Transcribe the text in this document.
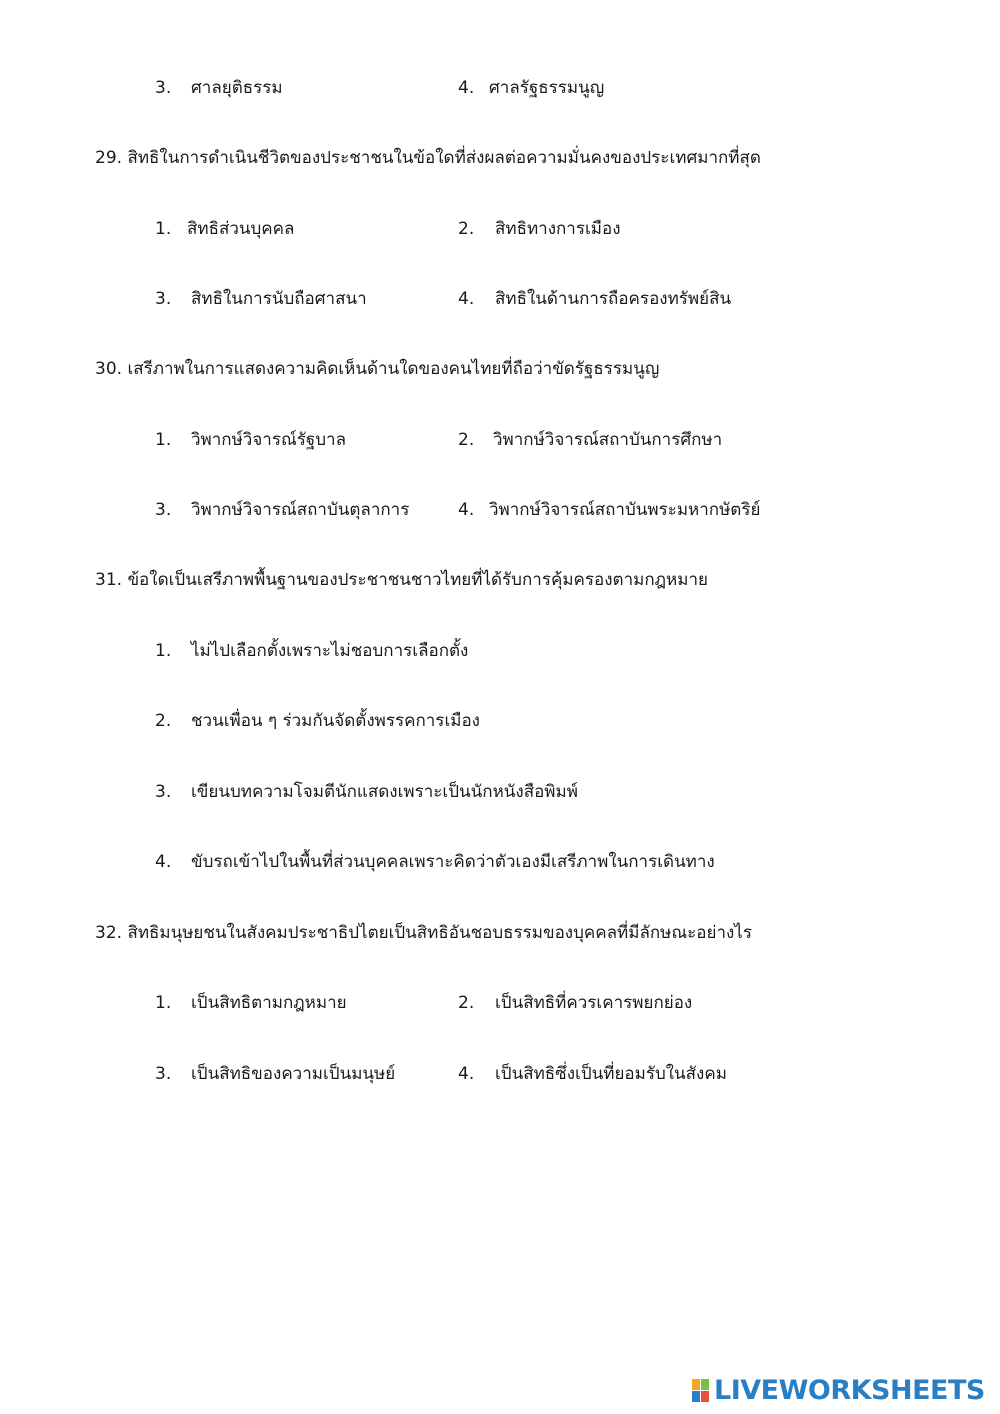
3. ศาลยุติธรรม	4. ศาลรัฐธรรมนูญ
29. สิทธิในการดำเนินชีวิตของประชาชนในข้อใดที่ส่งผลต่อความมั่นคงของประเทศมากที่สุด
1. สิทธิส่วนบุคคล	2. สิทธิทางการเมือง
3. สิทธิในการนับถือศาสนา	4. สิทธิในด้านการถือครองทรัพย์สิน
30. เสรีภาพในการแสดงความคิดเห็นด้านใดของคนไทยที่ถือว่าขัดรัฐธรรมนูญ
1. วิพากษ์วิจารณ์รัฐบาล	2. วิพากษ์วิจารณ์สถาบันการศึกษา
3. วิพากษ์วิจารณ์สถาบันตุลาการ	4. วิพากษ์วิจารณ์สถาบันพระมหากษัตริย์
31. ข้อใดเป็นเสรีภาพพื้นฐานของประชาชนชาวไทยที่ได้รับการคุ้มครองตามกฎหมาย
1. ไม่ไปเลือกตั้งเพราะไม่ชอบการเลือกตั้ง
2. ชวนเพื่อน ๆ ร่วมกันจัดตั้งพรรคการเมือง
3. เขียนบทความโจมตีนักแสดงเพราะเป็นนักหนังสือพิมพ์
4. ขับรถเข้าไปในพื้นที่ส่วนบุคคลเพราะคิดว่าตัวเองมีเสรีภาพในการเดินทาง
32. สิทธิมนุษยชนในสังคมประชาธิปไตยเป็นสิทธิอันชอบธรรมของบุคคลที่มีลักษณะอย่างไร
1. เป็นสิทธิตามกฎหมาย	2. เป็นสิทธิที่ควรเคารพยกย่อง
3. เป็นสิทธิของความเป็นมนุษย์	4. เป็นสิทธิซึ่งเป็นที่ยอมรับในสังคม
LIVEWORKSHEETS
